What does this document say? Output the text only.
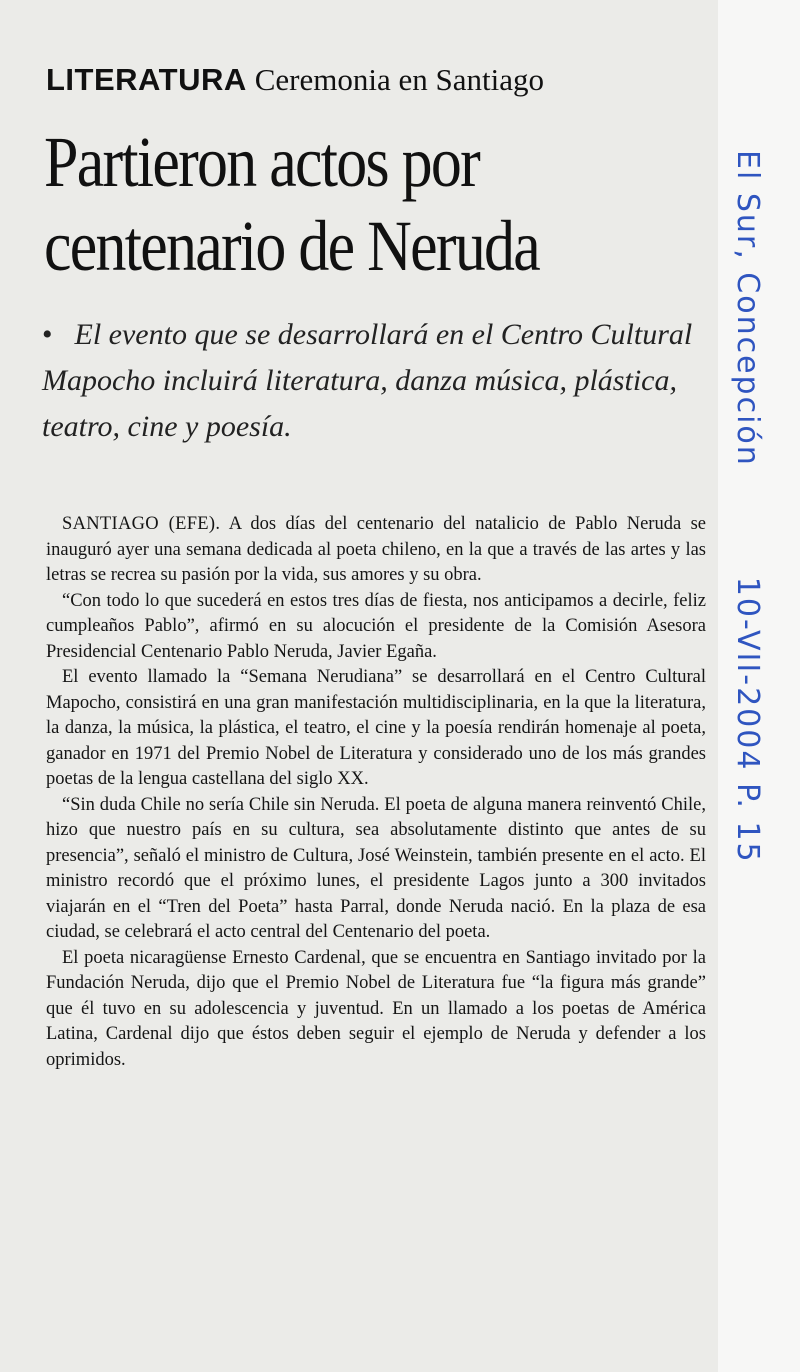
LITERATURA Ceremonia en Santiago
Partieron actos por
centenario de Neruda
• El evento que se desarrollará en el Centro Cultural Mapocho incluirá literatura, danza música, plástica, teatro, cine y poesía.

SANTIAGO (EFE). A dos días del centenario del natalicio de Pablo Neruda se inauguró ayer una semana dedicada al poeta chileno, en la que a través de las artes y las letras se recrea su pasión por la vida, sus amores y su obra.

“Con todo lo que sucederá en estos tres días de fiesta, nos anticipamos a decirle, feliz cumpleaños Pablo”, afirmó en su alocución el presidente de la Comisión Asesora Presidencial Centenario Pablo Neruda, Javier Egaña.

El evento llamado la “Semana Nerudiana” se desarrollará en el Centro Cultural Mapocho, consistirá en una gran manifestación multidisciplinaria, en la que la literatura, la danza, la música, la plástica, el teatro, el cine y la poesía rendirán homenaje al poeta, ganador en 1971 del Premio Nobel de Literatura y considerado uno de los más grandes poetas de la lengua castellana del siglo XX.

“Sin duda Chile no sería Chile sin Neruda. El poeta de alguna manera reinventó Chile, hizo que nuestro país en su cultura, sea absolutamente distinto que antes de su presencia”, señaló el ministro de Cultura, José Weinstein, también presente en el acto. El ministro recordó que el próximo lunes, el presidente Lagos junto a 300 invitados viajarán en el “Tren del Poeta” hasta Parral, donde Neruda nació. En la plaza de esa ciudad, se celebrará el acto central del Centenario del poeta.

El poeta nicaragüense Ernesto Cardenal, que se encuentra en Santiago invitado por la Fundación Neruda, dijo que el Premio Nobel de Literatura fue “la figura más grande” que él tuvo en su adolescencia y juventud. En un llamado a los poetas de América Latina, Cardenal dijo que éstos deben seguir el ejemplo de Neruda y defender a los oprimidos.

El Sur, Concepción10-VII-2004 P. 15
